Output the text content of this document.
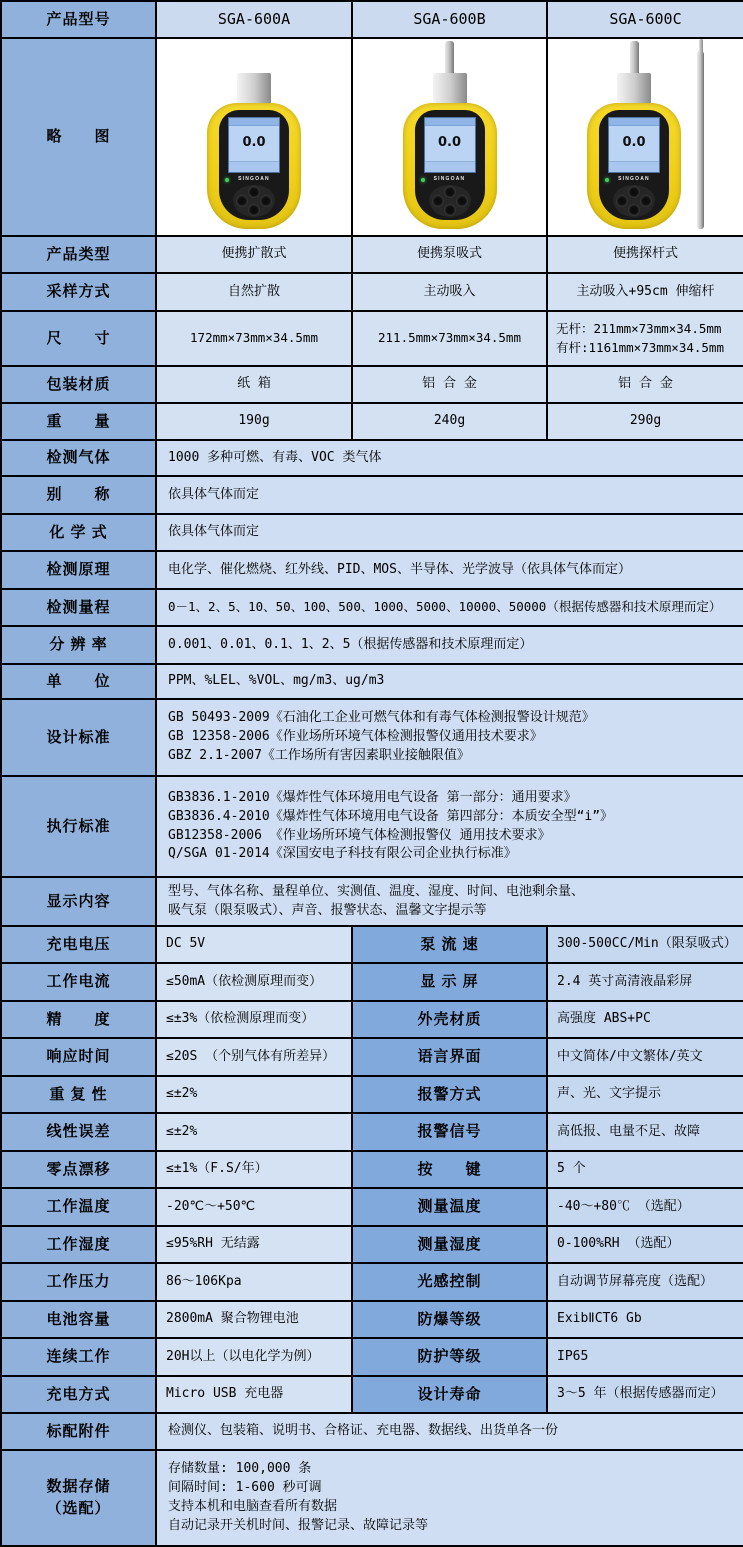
产品型号	SGA-600A	SGA-600B	SGA-600C
略　　图	0.0
SINGOAN

0.0
SINGOAN

0.0
SINGOAN

产品类型	便携扩散式	便携泵吸式	便携探杆式
采样方式	自然扩散	主动吸入	主动吸入+95cm 伸缩杆
尺　　寸	172mm×73mm×34.5mm	211.5mm×73mm×34.5mm	无杆：211mm×73mm×34.5mm
有杆:1161mm×73mm×34.5mm

包装材质	纸 箱	铝 合 金	铝 合 金
重　　量	190g	240g	290g
检测气体	1000 多种可燃、有毒、VOC 类气体		
别　　称	依具体气体而定		
化 学 式	依具体气体而定		
检测原理	电化学、催化燃烧、红外线、PID、MOS、半导体、光学波导（依具体气体而定）		
检测量程	0－1、2、5、10、50、100、500、1000、5000、10000、50000（根据传感器和技术原理而定）		
分 辨 率	0.001、0.01、0.1、1、2、5（根据传感器和技术原理而定）		
单　　位	PPM、%LEL、%VOL、mg/m3、ug/m3		
设计标准	GB 50493-2009《石油化工企业可燃气体和有毒气体检测报警设计规范》
GB 12358-2006《作业场所环境气体检测报警仪通用技术要求》
GBZ 2.1-2007《工作场所有害因素职业接触限值》		

执行标准	GB3836.1-2010《爆炸性气体环境用电气设备 第一部分：通用要求》
GB3836.4-2010《爆炸性气体环境用电气设备 第四部分：本质安全型“i”》
GB12358-2006 《作业场所环境气体检测报警仪 通用技术要求》
Q/SGA 01-2014《深国安电子科技有限公司企业执行标准》		

显示内容	型号、气体名称、量程单位、实测值、温度、湿度、时间、电池剩余量、
吸气泵（限泵吸式）、声音、报警状态、温馨文字提示等		

充电电压	DC 5V	泵 流 速	300-500CC/Min（限泵吸式）
工作电流	≤50mA（依检测原理而变）	显 示 屏	2.4 英寸高清液晶彩屏
精　　度	≤±3%（依检测原理而变）	外壳材质	高强度 ABS+PC
响应时间	≤20S （个别气体有所差异）	语言界面	中文简体/中文繁体/英文
重 复 性	≤±2%	报警方式	声、光、文字提示
线性误差	≤±2%	报警信号	高低报、电量不足、故障
零点漂移	≤±1%（F.S/年）	按　　键	5 个
工作温度	-20℃～+50℃	测量温度	-40～+80℃ （选配）
工作湿度	≤95%RH 无结露	测量湿度	0-100%RH （选配）
工作压力	86～106Kpa	光感控制	自动调节屏幕亮度（选配）
电池容量	2800mA 聚合物锂电池	防爆等级	ExibⅡCT6 Gb
连续工作	20H以上（以电化学为例）	防护等级	IP65
充电方式	Micro USB 充电器	设计寿命	3～5 年（根据传感器而定）
标配附件	检测仪、包装箱、说明书、合格证、充电器、数据线、出货单各一份		

数据存储
（选配）	存储数量: 100,000 条
间隔时间: 1-600 秒可调
支持本机和电脑查看所有数据
自动记录开关机时间、报警记录、故障记录等		
